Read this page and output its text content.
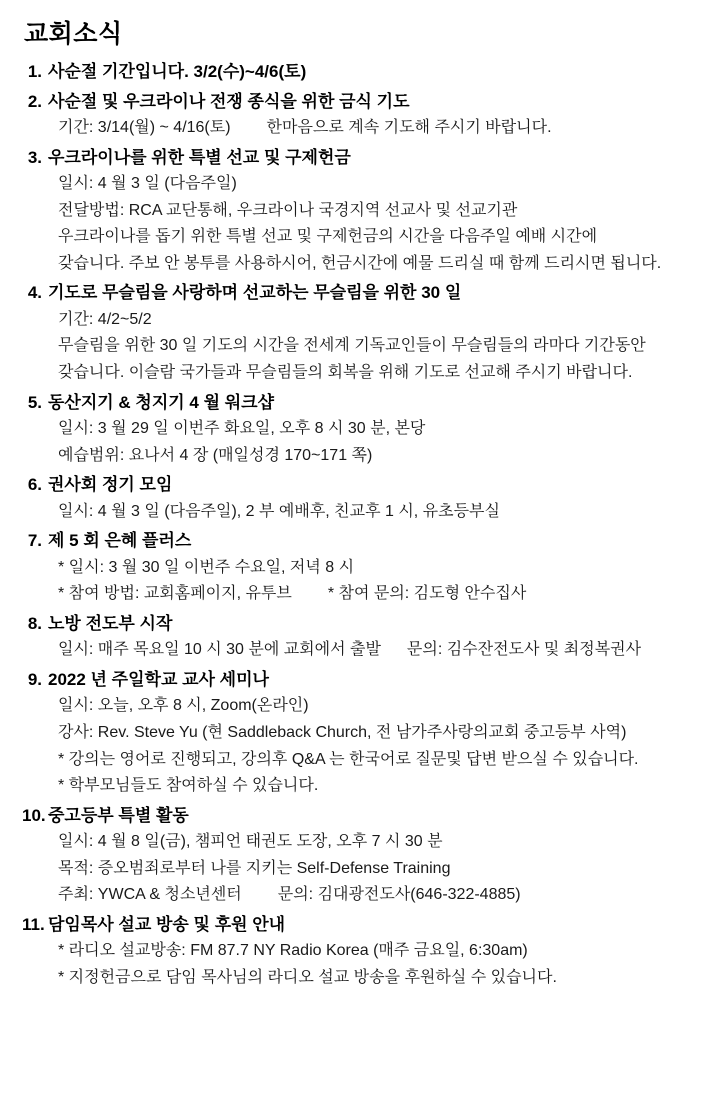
교회소식
1. 사순절 기간입니다. 3/2(수)~4/6(토)

2. 사순절 및 우크라이나 전쟁 종식을 위한 금식 기도

기간: 3/14(월) ~ 4/16(토) 한마음으로 계속 기도해 주시기 바랍니다.

3. 우크라이나를 위한 특별 선교 및 구제헌금

일시: 4 월 3 일 (다음주일)

전달방법: RCA 교단통해, 우크라이나 국경지역 선교사 및 선교기관

우크라이나를 돕기 위한 특별 선교 및 구제헌금의 시간을 다음주일 예배 시간에

갖습니다. 주보 안 봉투를 사용하시어, 헌금시간에 예물 드리실 때 함께 드리시면 됩니다.

4. 기도로 무슬림을 사랑하며 선교하는 무슬림을 위한 30 일

기간: 4/2~5/2

무슬림을 위한 30 일 기도의 시간을 전세계 기독교인들이 무슬림들의 라마다 기간동안

갖습니다. 이슬람 국가들과 무슬림들의 회복을 위해 기도로 선교해 주시기 바랍니다.

5. 동산지기 & 청지기 4 월 워크샵

일시: 3 월 29 일 이번주 화요일, 오후 8 시 30 분, 본당

예습범위: 요나서 4 장 (매일성경 170~171 쪽)

6. 권사회 정기 모임

일시: 4 월 3 일 (다음주일), 2 부 예배후, 친교후 1 시, 유초등부실

7. 제 5 회 은혜 플러스

* 일시: 3 월 30 일 이번주 수요일, 저녁 8 시

* 참여 방법: 교회홈페이지, 유투브 * 참여 문의: 김도형 안수집사

8. 노방 전도부 시작

일시: 매주 목요일 10 시 30 분에 교회에서 출발 문의: 김수잔전도사 및 최정복권사

9. 2022 년 주일학교 교사 세미나

일시: 오늘, 오후 8 시, Zoom(온라인)

강사: Rev. Steve Yu (현 Saddleback Church, 전 남가주사랑의교회 중고등부 사역)

* 강의는 영어로 진행되고, 강의후 Q&A 는 한국어로 질문및 답변 받으실 수 있습니다.

* 학부모님들도 참여하실 수 있습니다.

10. 중고등부 특별 활동

일시: 4 월 8 일(금), 챔피언 태권도 도장, 오후 7 시 30 분

목적: 증오범죄로부터 나를 지키는 Self-Defense Training

주최: YWCA & 청소년센터 문의: 김대광전도사(646-322-4885)

11. 담임목사 설교 방송 및 후원 안내

* 라디오 설교방송: FM 87.7 NY Radio Korea (매주 금요일, 6:30am)

* 지정헌금으로 담임 목사님의 라디오 설교 방송을 후원하실 수 있습니다.
